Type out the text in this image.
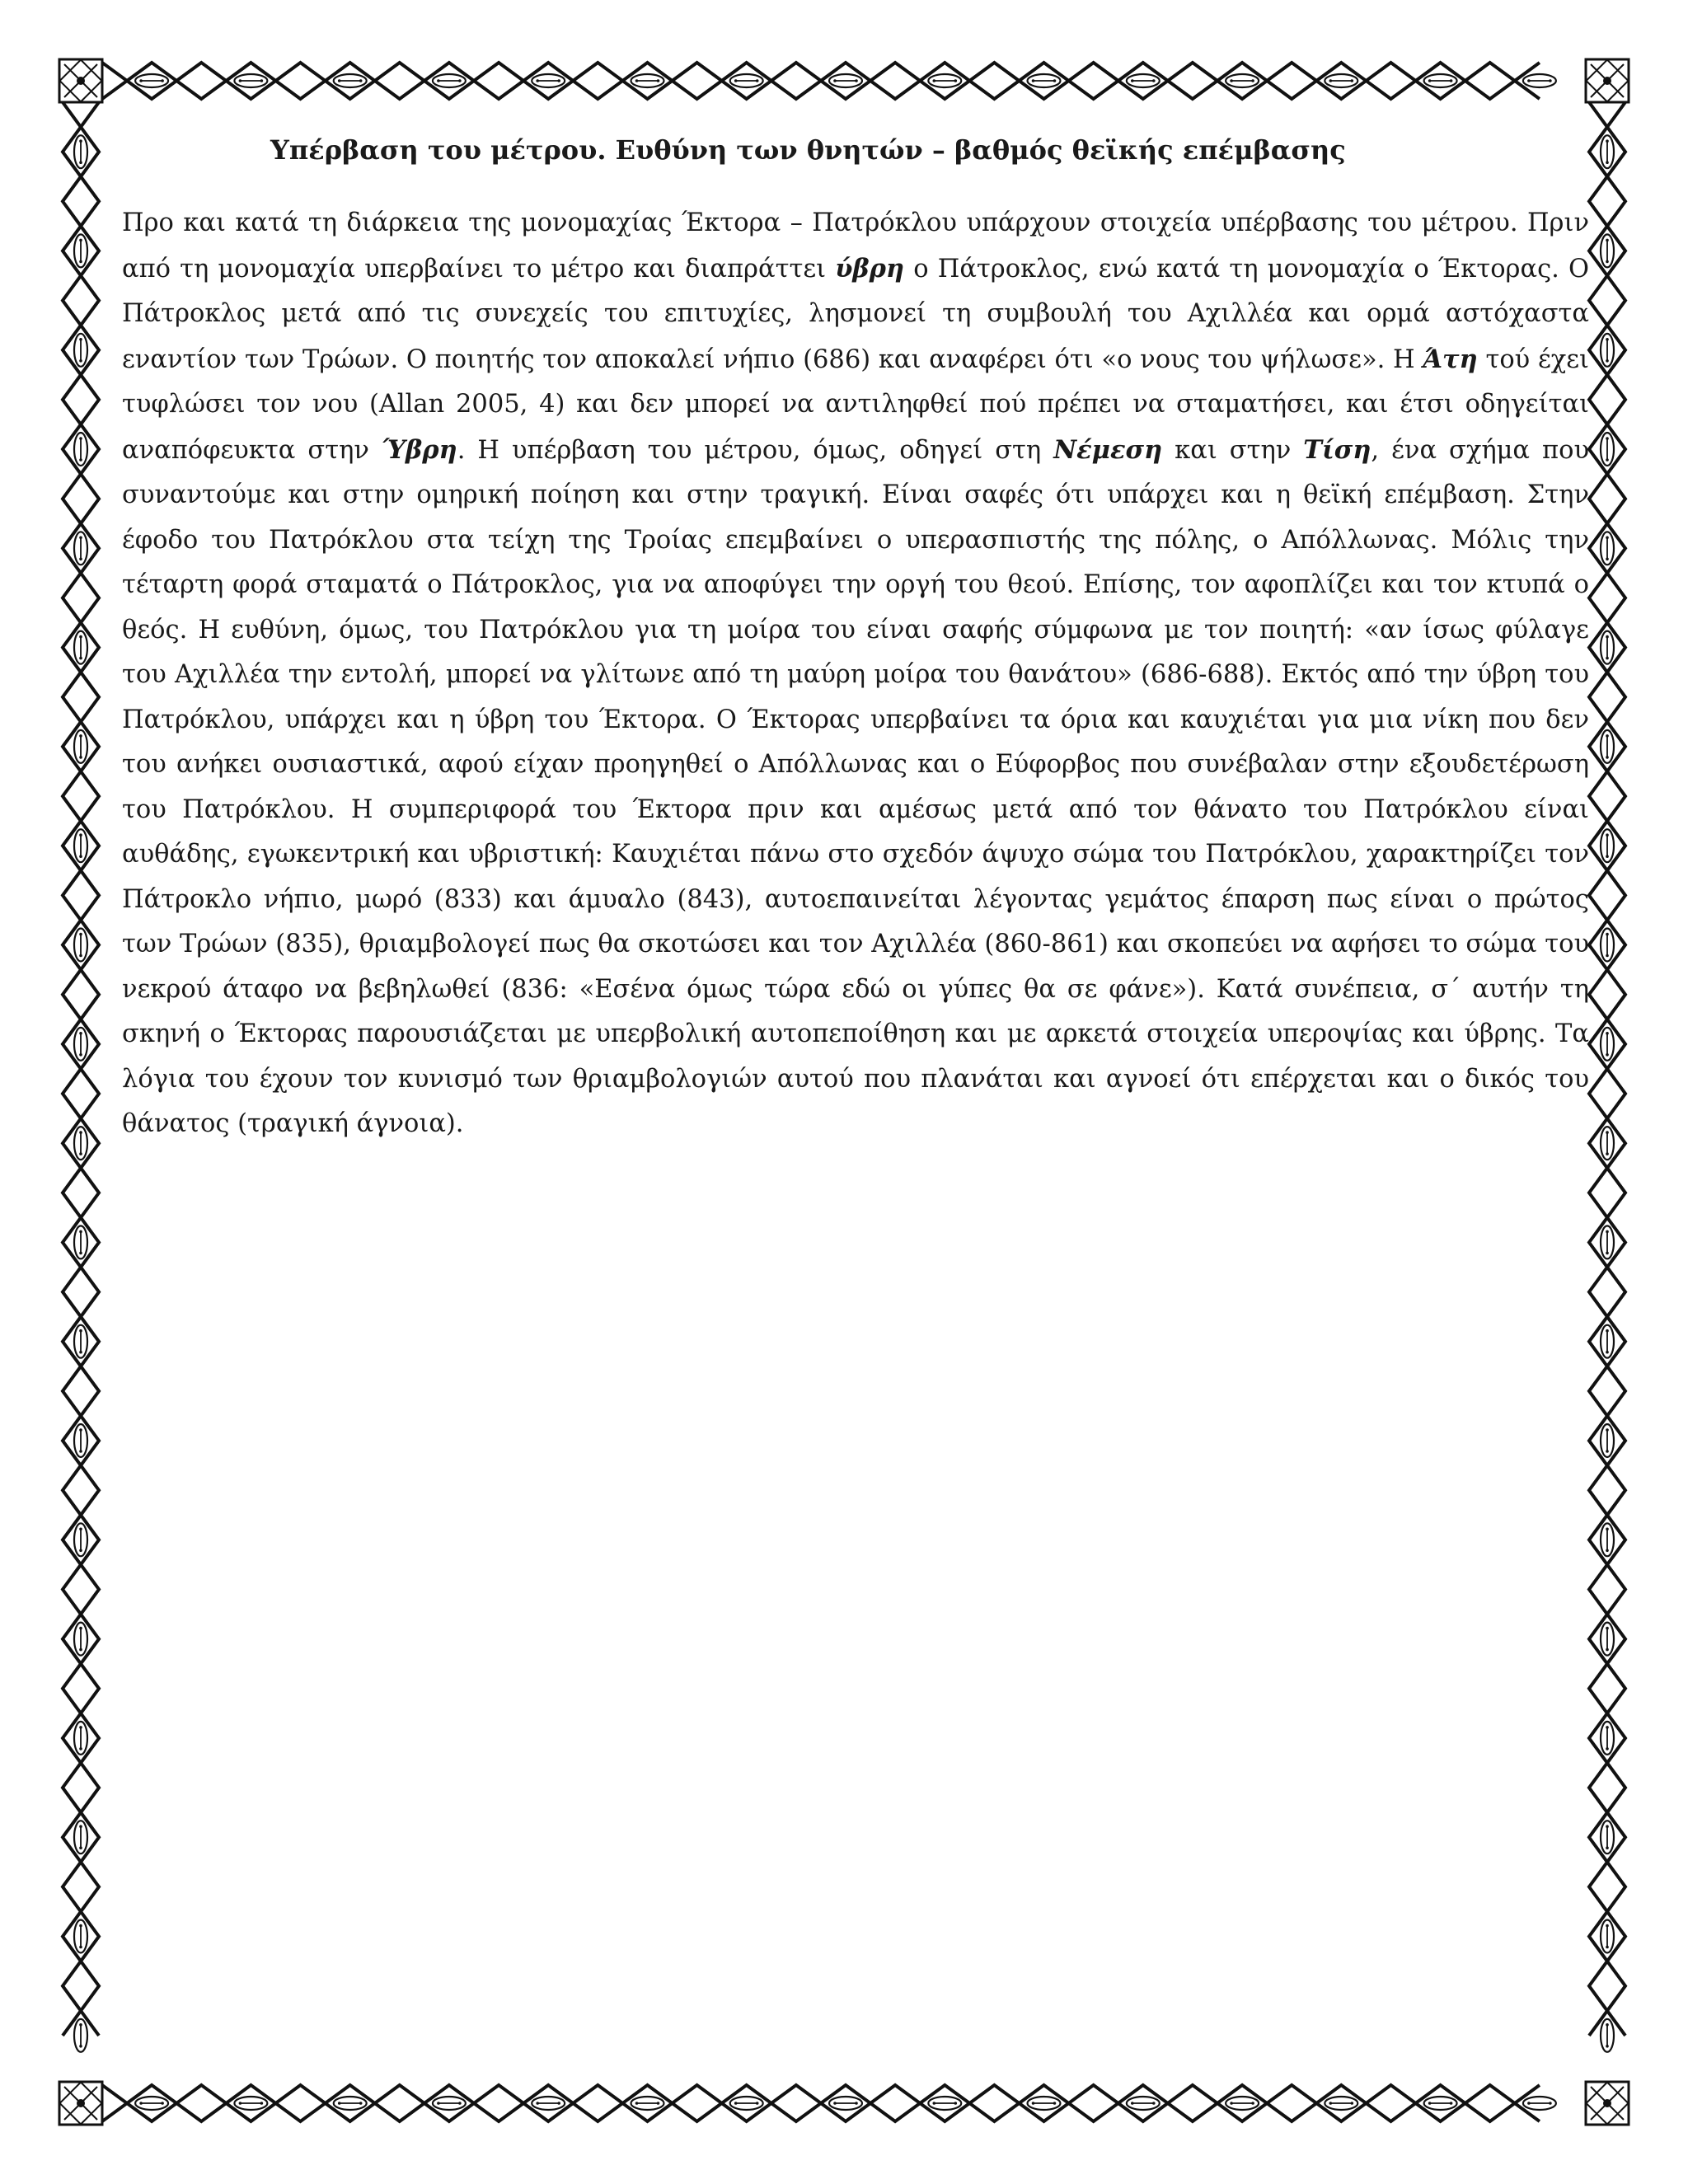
Υπέρβαση του μέτρου. Ευθύνη των θνητών – βαθμός θεϊκής επέμβασης

Προ και κατά τη διάρκεια της μονομαχίας Έκτορα – Πατρόκλου υπάρχουν στοιχεία υπέρβασης του μέτρου. Πριν από τη μονομαχία υπερβαίνει το μέτρο και διαπράττει ύβρη ο Πάτροκλος, ενώ κατά τη μονομαχία ο Έκτορας. Ο Πάτροκλος μετά από τις συνεχείς του επιτυχίες, λησμονεί τη συμβουλή του Αχιλλέα και ορμά αστόχαστα εναντίον των Τρώων. Ο ποιητής τον αποκαλεί νήπιο (686) και αναφέρει ότι «ο νους του ψήλωσε». Η Άτη τού έχει τυφλώσει τον νου (Allan 2005, 4) και δεν μπορεί να αντιληφθεί πού πρέπει να σταματήσει, και έτσι οδηγείται αναπόφευκτα στην Ύβρη. Η υπέρβαση του μέτρου, όμως, οδηγεί στη Νέμεση και στην Τίση, ένα σχήμα που συναντούμε και στην ομηρική ποίηση και στην τραγική. Είναι σαφές ότι υπάρχει και η θεϊκή επέμβαση. Στην έφοδο του Πατρόκλου στα τείχη της Τροίας επεμβαίνει ο υπερασπιστής της πόλης, ο Απόλλωνας. Μόλις την τέταρτη φορά σταματά ο Πάτροκλος, για να αποφύγει την οργή του θεού. Επίσης, τον αφοπλίζει και τον κτυπά ο θεός. Η ευθύνη, όμως, του Πατρόκλου για τη μοίρα του είναι σαφής σύμφωνα με τον ποιητή: «αν ίσως φύλαγε του Αχιλλέα την εντολή, μπορεί να γλίτωνε από τη μαύρη μοίρα του θανάτου» (686-688). Εκτός από την ύβρη του Πατρόκλου, υπάρχει και η ύβρη του Έκτορα. Ο Έκτορας υπερβαίνει τα όρια και καυχιέται για μια νίκη που δεν του ανήκει ουσιαστικά, αφού είχαν προηγηθεί ο Απόλλωνας και ο Εύφορβος που συνέβαλαν στην εξουδετέρωση του Πατρόκλου. Η συμπεριφορά του Έκτορα πριν και αμέσως μετά από τον θάνατο του Πατρόκλου είναι αυθάδης, εγωκεντρική και υβριστική: Καυχιέται πάνω στο σχεδόν άψυχο σώμα του Πατρόκλου, χαρακτηρίζει τον Πάτροκλο νήπιο, μωρό (833) και άμυαλο (843), αυτοεπαινείται λέγοντας γεμάτος έπαρση πως είναι ο πρώτος των Τρώων (835), θριαμβολογεί πως θα σκοτώσει και τον Αχιλλέα (860-861) και σκοπεύει να αφήσει το σώμα του νεκρού άταφο να βεβηλωθεί (836: «Εσένα όμως τώρα εδώ οι γύπες θα σε φάνε»). Κατά συνέπεια, σ΄ αυτήν τη σκηνή ο Έκτορας παρουσιάζεται με υπερβολική αυτοπεποίθηση και με αρκετά στοιχεία υπεροψίας και ύβρης. Τα λόγια του έχουν τον κυνισμό των θριαμβολογιών αυτού που πλανάται και αγνοεί ότι επέρχεται και ο δικός του θάνατος (τραγική άγνοια).
